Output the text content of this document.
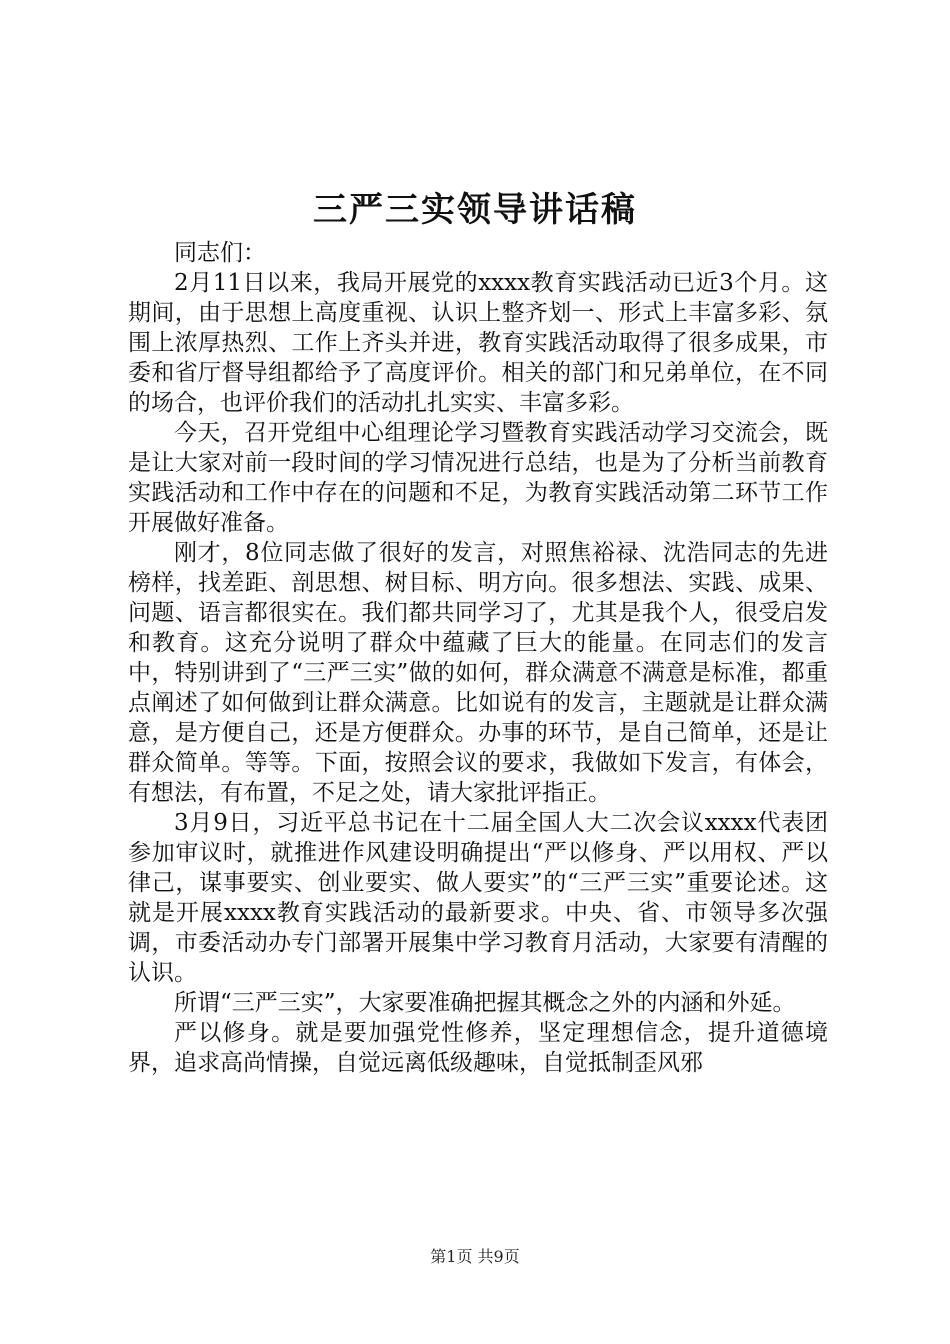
三严三实领导讲话稿

同志们：

2月11日以来，我局开展党的xxxx教育实践活动已近3个月。这期间，由于思想上高度重视、认识上整齐划一、形式上丰富多彩、氛围上浓厚热烈、工作上齐头并进，教育实践活动取得了很多成果，市委和省厅督导组都给予了高度评价。相关的部门和兄弟单位，在不同的场合，也评价我们的活动扎扎实实、丰富多彩。

今天，召开党组中心组理论学习暨教育实践活动学习交流会，既是让大家对前一段时间的学习情况进行总结，也是为了分析当前教育实践活动和工作中存在的问题和不足，为教育实践活动第二环节工作开展做好准备。

刚才，8位同志做了很好的发言，对照焦裕禄、沈浩同志的先进榜样，找差距、剖思想、树目标、明方向。很多想法、实践、成果、问题、语言都很实在。我们都共同学习了，尤其是我个人，很受启发和教育。这充分说明了群众中蕴藏了巨大的能量。在同志们的发言中，特别讲到了“三严三实”做的如何，群众满意不满意是标准，都重点阐述了如何做到让群众满意。比如说有的发言，主题就是让群众满意，是方便自己，还是方便群众。办事的环节，是自己简单，还是让群众简单。等等。下面，按照会议的要求，我做如下发言，有体会，有想法，有布置，不足之处，请大家批评指正。

3月9日，习近平总书记在十二届全国人大二次会议xxxx代表团参加审议时，就推进作风建设明确提出“严以修身、严以用权、严以律己，谋事要实、创业要实、做人要实”的“三严三实”重要论述。这就是开展xxxx教育实践活动的最新要求。中央、省、市领导多次强调，市委活动办专门部署开展集中学习教育月活动，大家要有清醒的认识。

所谓“三严三实”，大家要准确把握其概念之外的内涵和外延。

严以修身。就是要加强党性修养，坚定理想信念，提升道德境界，追求高尚情操，自觉远离低级趣味，自觉抵制歪风邪

第1页 共9页
